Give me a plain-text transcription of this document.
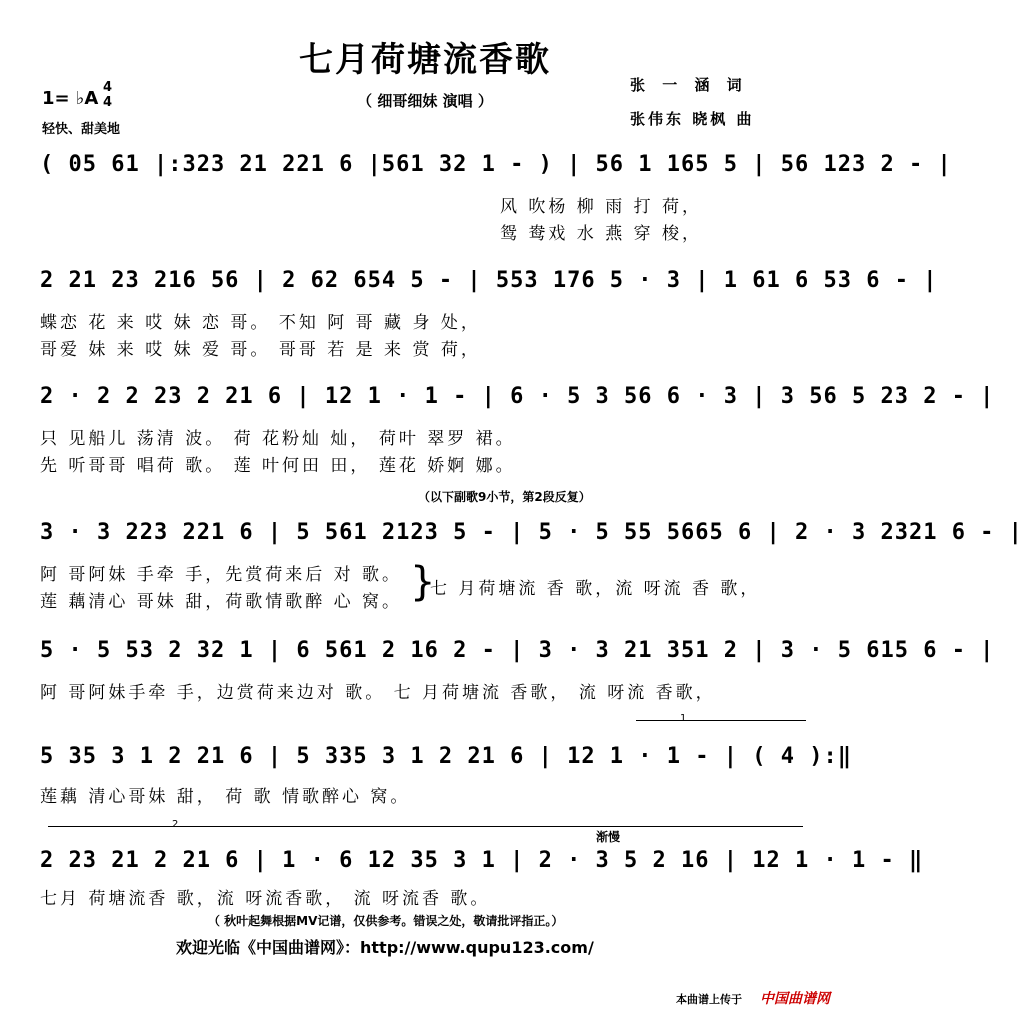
七月荷塘流香歌
（ 细哥细妹 演唱 ）
1= ♭A
4
4
轻快、甜美地
张 一 涵 词
张伟东 晓枫 曲
( 05 61 |:323 21 221 6 |561 32 1 - ) | 56 1 165 5 | 56 123 2 - |
风 吹杨 柳 雨 打 荷，
鸳 鸯戏 水 燕 穿 梭，
2 21 23 216 56 | 2 62 654 5 - | 553 176 5 · 3 | 1 61 6 53 6 - |
蝶恋 花 来 哎 妹 恋 哥。 不知 阿 哥 藏 身 处，
哥爱 妹 来 哎 妹 爱 哥。 哥哥 若 是 来 赏 荷，
2 · 2 2 23 2 21 6 | 12 1 · 1 - | 6 · 5 3 56 6 · 3 | 3 56 5 23 2 - |
只 见船儿 荡清 波。 荷 花粉灿 灿， 荷叶 翠罗 裙。
先 听哥哥 唱荷 歌。 莲 叶何田 田， 莲花 娇婀 娜。
（以下副歌9小节，第2段反复）
3 · 3 223 221 6 | 5 561 2123 5 - | 5 · 5 55 5665 6 | 2 · 3 2321 6 - |
阿 哥阿妹 手牵 手，先赏荷来后 对 歌。
莲 藕清心 哥妹 甜，荷歌情歌醉 心 窝。 }
七 月荷塘流 香 歌，流 呀流 香 歌，
5 · 5 53 2 32 1 | 6 561 2 16 2 - | 3 · 3 21 351 2 | 3 · 5 615 6 - |
阿 哥阿妹手牵 手，边赏荷来边对 歌。 七 月荷塘流 香歌， 流 呀流 香歌，
1
5 35 3 1 2 21 6 | 5 335 3 1 2 21 6 | 12 1 · 1 - | ( 4 ):‖
莲藕 清心哥妹 甜， 荷 歌 情歌醉心 窝。
2
渐慢
2 23 21 2 21 6 | 1 · 6 12 35 3 1 | 2 · 3 5 2 16 | 12 1 · 1 - ‖
七月 荷塘流香 歌，流 呀流香歌， 流 呀流香 歌。
（ 秋叶起舞根据MV记谱，仅供参考。错误之处，敬请批评指正。）
欢迎光临《中国曲谱网》：http://www.qupu123.com/
本曲谱上传于 中国曲谱网
